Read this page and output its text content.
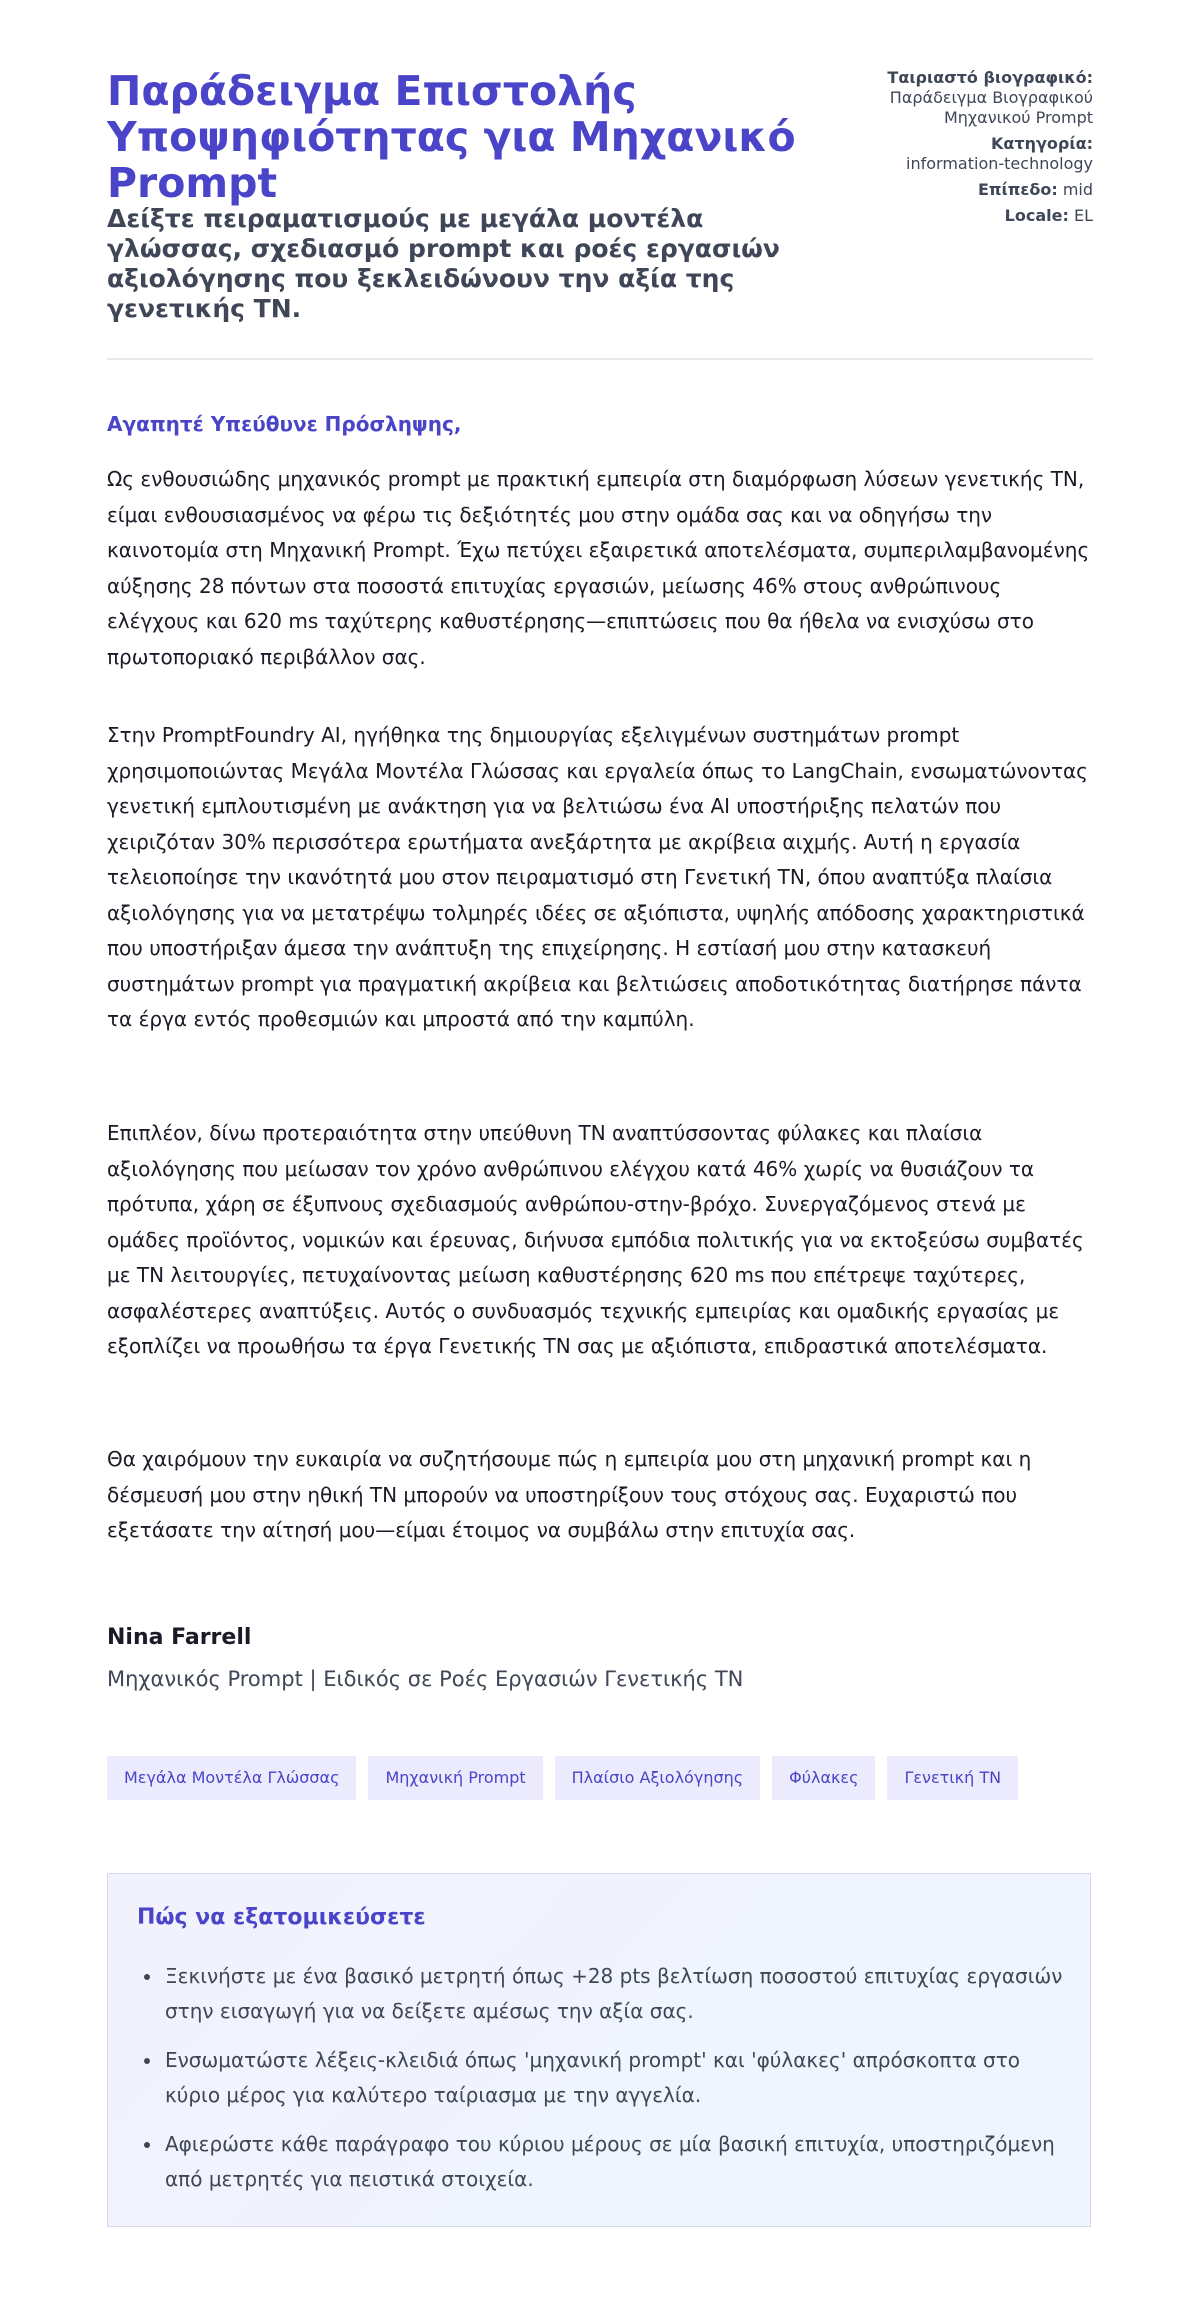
Παράδειγμα Επιστολής Υποψηφιότητας για Μηχανικό Prompt
Δείξτε πειραματισμούς με μεγάλα μοντέλα γλώσσας, σχεδιασμό prompt και ροές εργασιών αξιολόγησης που ξεκλειδώνουν την αξία της γενετικής ΤΝ.
Ταιριαστό βιογραφικό:
Παράδειγμα Βιογραφικού Μηχανικού Prompt
Κατηγορία:
information-technology
Επίπεδο: mid
Locale: EL

Αγαπητέ Υπεύθυνε Πρόσληψης,

Ως ενθουσιώδης μηχανικός prompt με πρακτική εμπειρία στη διαμόρφωση λύσεων γενετικής ΤΝ, είμαι ενθουσιασμένος να φέρω τις δεξιότητές μου στην ομάδα σας και να οδηγήσω την καινοτομία στη Μηχανική Prompt. Έχω πετύχει εξαιρετικά αποτελέσματα, συμπεριλαμβανομένης αύξησης 28 πόντων στα ποσοστά επιτυχίας εργασιών, μείωσης 46% στους ανθρώπινους ελέγχους και 620 ms ταχύτερης καθυστέρησης—επιπτώσεις που θα ήθελα να ενισχύσω στο πρωτοποριακό περιβάλλον σας.

Στην PromptFoundry AI, ηγήθηκα της δημιουργίας εξελιγμένων συστημάτων prompt χρησιμοποιώντας Μεγάλα Μοντέλα Γλώσσας και εργαλεία όπως το LangChain, ενσωματώνοντας γενετική εμπλουτισμένη με ανάκτηση για να βελτιώσω ένα AI υποστήριξης πελατών που χειριζόταν 30% περισσότερα ερωτήματα ανεξάρτητα με ακρίβεια αιχμής. Αυτή η εργασία τελειοποίησε την ικανότητά μου στον πειραματισμό στη Γενετική ΤΝ, όπου αναπτύξα πλαίσια αξιολόγησης για να μετατρέψω τολμηρές ιδέες σε αξιόπιστα, υψηλής απόδοσης χαρακτηριστικά που υποστήριξαν άμεσα την ανάπτυξη της επιχείρησης. Η εστίασή μου στην κατασκευή συστημάτων prompt για πραγματική ακρίβεια και βελτιώσεις αποδοτικότητας διατήρησε πάντα τα έργα εντός προθεσμιών και μπροστά από την καμπύλη.

Επιπλέον, δίνω προτεραιότητα στην υπεύθυνη ΤΝ αναπτύσσοντας φύλακες και πλαίσια αξιολόγησης που μείωσαν τον χρόνο ανθρώπινου ελέγχου κατά 46% χωρίς να θυσιάζουν τα πρότυπα, χάρη σε έξυπνους σχεδιασμούς ανθρώπου-στην-βρόχο. Συνεργαζόμενος στενά με ομάδες προϊόντος, νομικών και έρευνας, διήνυσα εμπόδια πολιτικής για να εκτοξεύσω συμβατές με ΤΝ λειτουργίες, πετυχαίνοντας μείωση καθυστέρησης 620 ms που επέτρεψε ταχύτερες, ασφαλέστερες αναπτύξεις. Αυτός ο συνδυασμός τεχνικής εμπειρίας και ομαδικής εργασίας με εξοπλίζει να προωθήσω τα έργα Γενετικής ΤΝ σας με αξιόπιστα, επιδραστικά αποτελέσματα.

Θα χαιρόμουν την ευκαιρία να συζητήσουμε πώς η εμπειρία μου στη μηχανική prompt και η δέσμευσή μου στην ηθική ΤΝ μπορούν να υποστηρίξουν τους στόχους σας. Ευχαριστώ που εξετάσατε την αίτησή μου—είμαι έτοιμος να συμβάλω στην επιτυχία σας.

Nina Farrell

Μηχανικός Prompt | Ειδικός σε Ροές Εργασιών Γενετικής ΤΝ

Μεγάλα Μοντέλα Γλώσσας	Μηχανική Prompt	Πλαίσιο Αξιολόγησης	Φύλακες	Γενετική ΤΝ
Πώς να εξατομικεύσετε
• Ξεκινήστε με ένα βασικό μετρητή όπως +28 pts βελτίωση ποσοστού επιτυχίας εργασιών στην εισαγωγή για να δείξετε αμέσως την αξία σας.
• Ενσωματώστε λέξεις-κλειδιά όπως 'μηχανική prompt' και 'φύλακες' απρόσκοπτα στο κύριο μέρος για καλύτερο ταίριασμα με την αγγελία.
• Αφιερώστε κάθε παράγραφο του κύριου μέρους σε μία βασική επιτυχία, υποστηριζόμενη από μετρητές για πειστικά στοιχεία.
